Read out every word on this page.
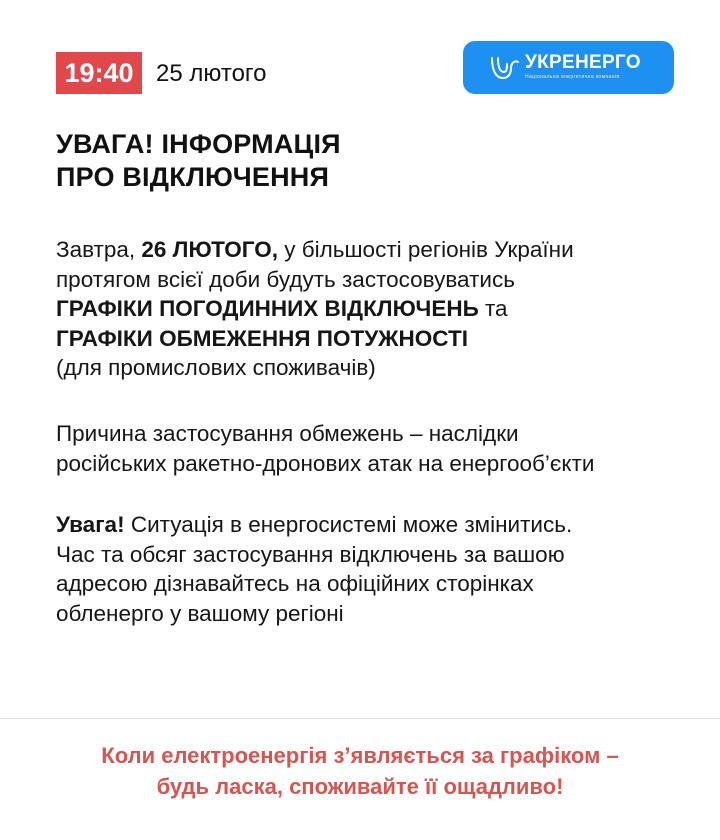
19:40 25 лютого	УКРЕНЕРГО
Національна енергетична компанія
УВАГА! ІНФОРМАЦІЯ
ПРО ВІДКЛЮЧЕННЯ

Завтра, 26 ЛЮТОГО, у більшості регіонів України
протягом всієї доби будуть застосовуватись
ГРАФІКИ ПОГОДИННИХ ВІДКЛЮЧЕНЬ та
ГРАФІКИ ОБМЕЖЕННЯ ПОТУЖНОСТІ
(для промислових споживачів)

Причина застосування обмежень – наслідки
російських ракетно-дронових атак на енергооб’єкти

Увага! Ситуація в енергосистемі може змінитись.
Час та обсяг застосування відключень за вашою
адресою дізнавайтесь на офіційних сторінках
обленерго у вашому регіоні

Коли електроенергія з’являється за графіком –
будь ласка, споживайте її ощадливо!
